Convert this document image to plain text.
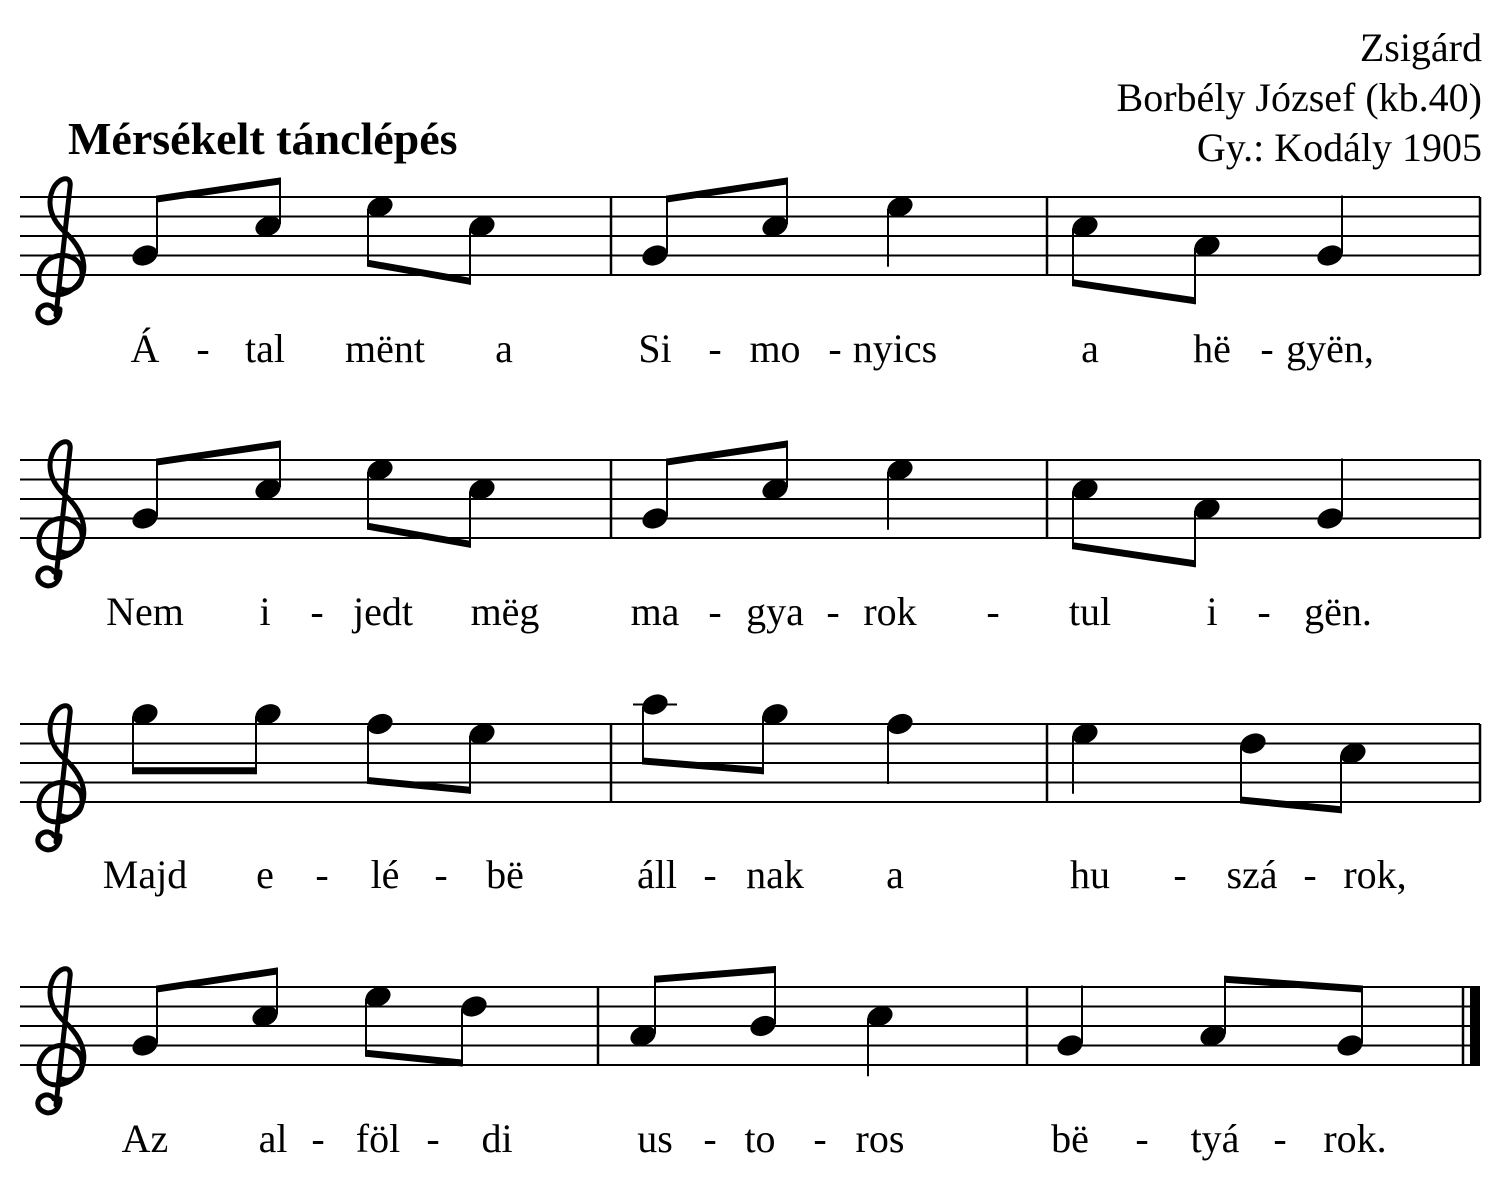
Zsigárd
Borbély József (kb.40)
Gy.: Kodály 1905
Mérsékelt tánclépés
Á - tal mënt a	Si - mo - nyics	a hë - gyën,
Nem i - jedt mëg ma - gya - rok - tul i - gën.
Majd e - lé - bë	áll - nak a	hu - szá - rok,
Az al - föl - di	us - to - ros	bë - tyá - rok.
